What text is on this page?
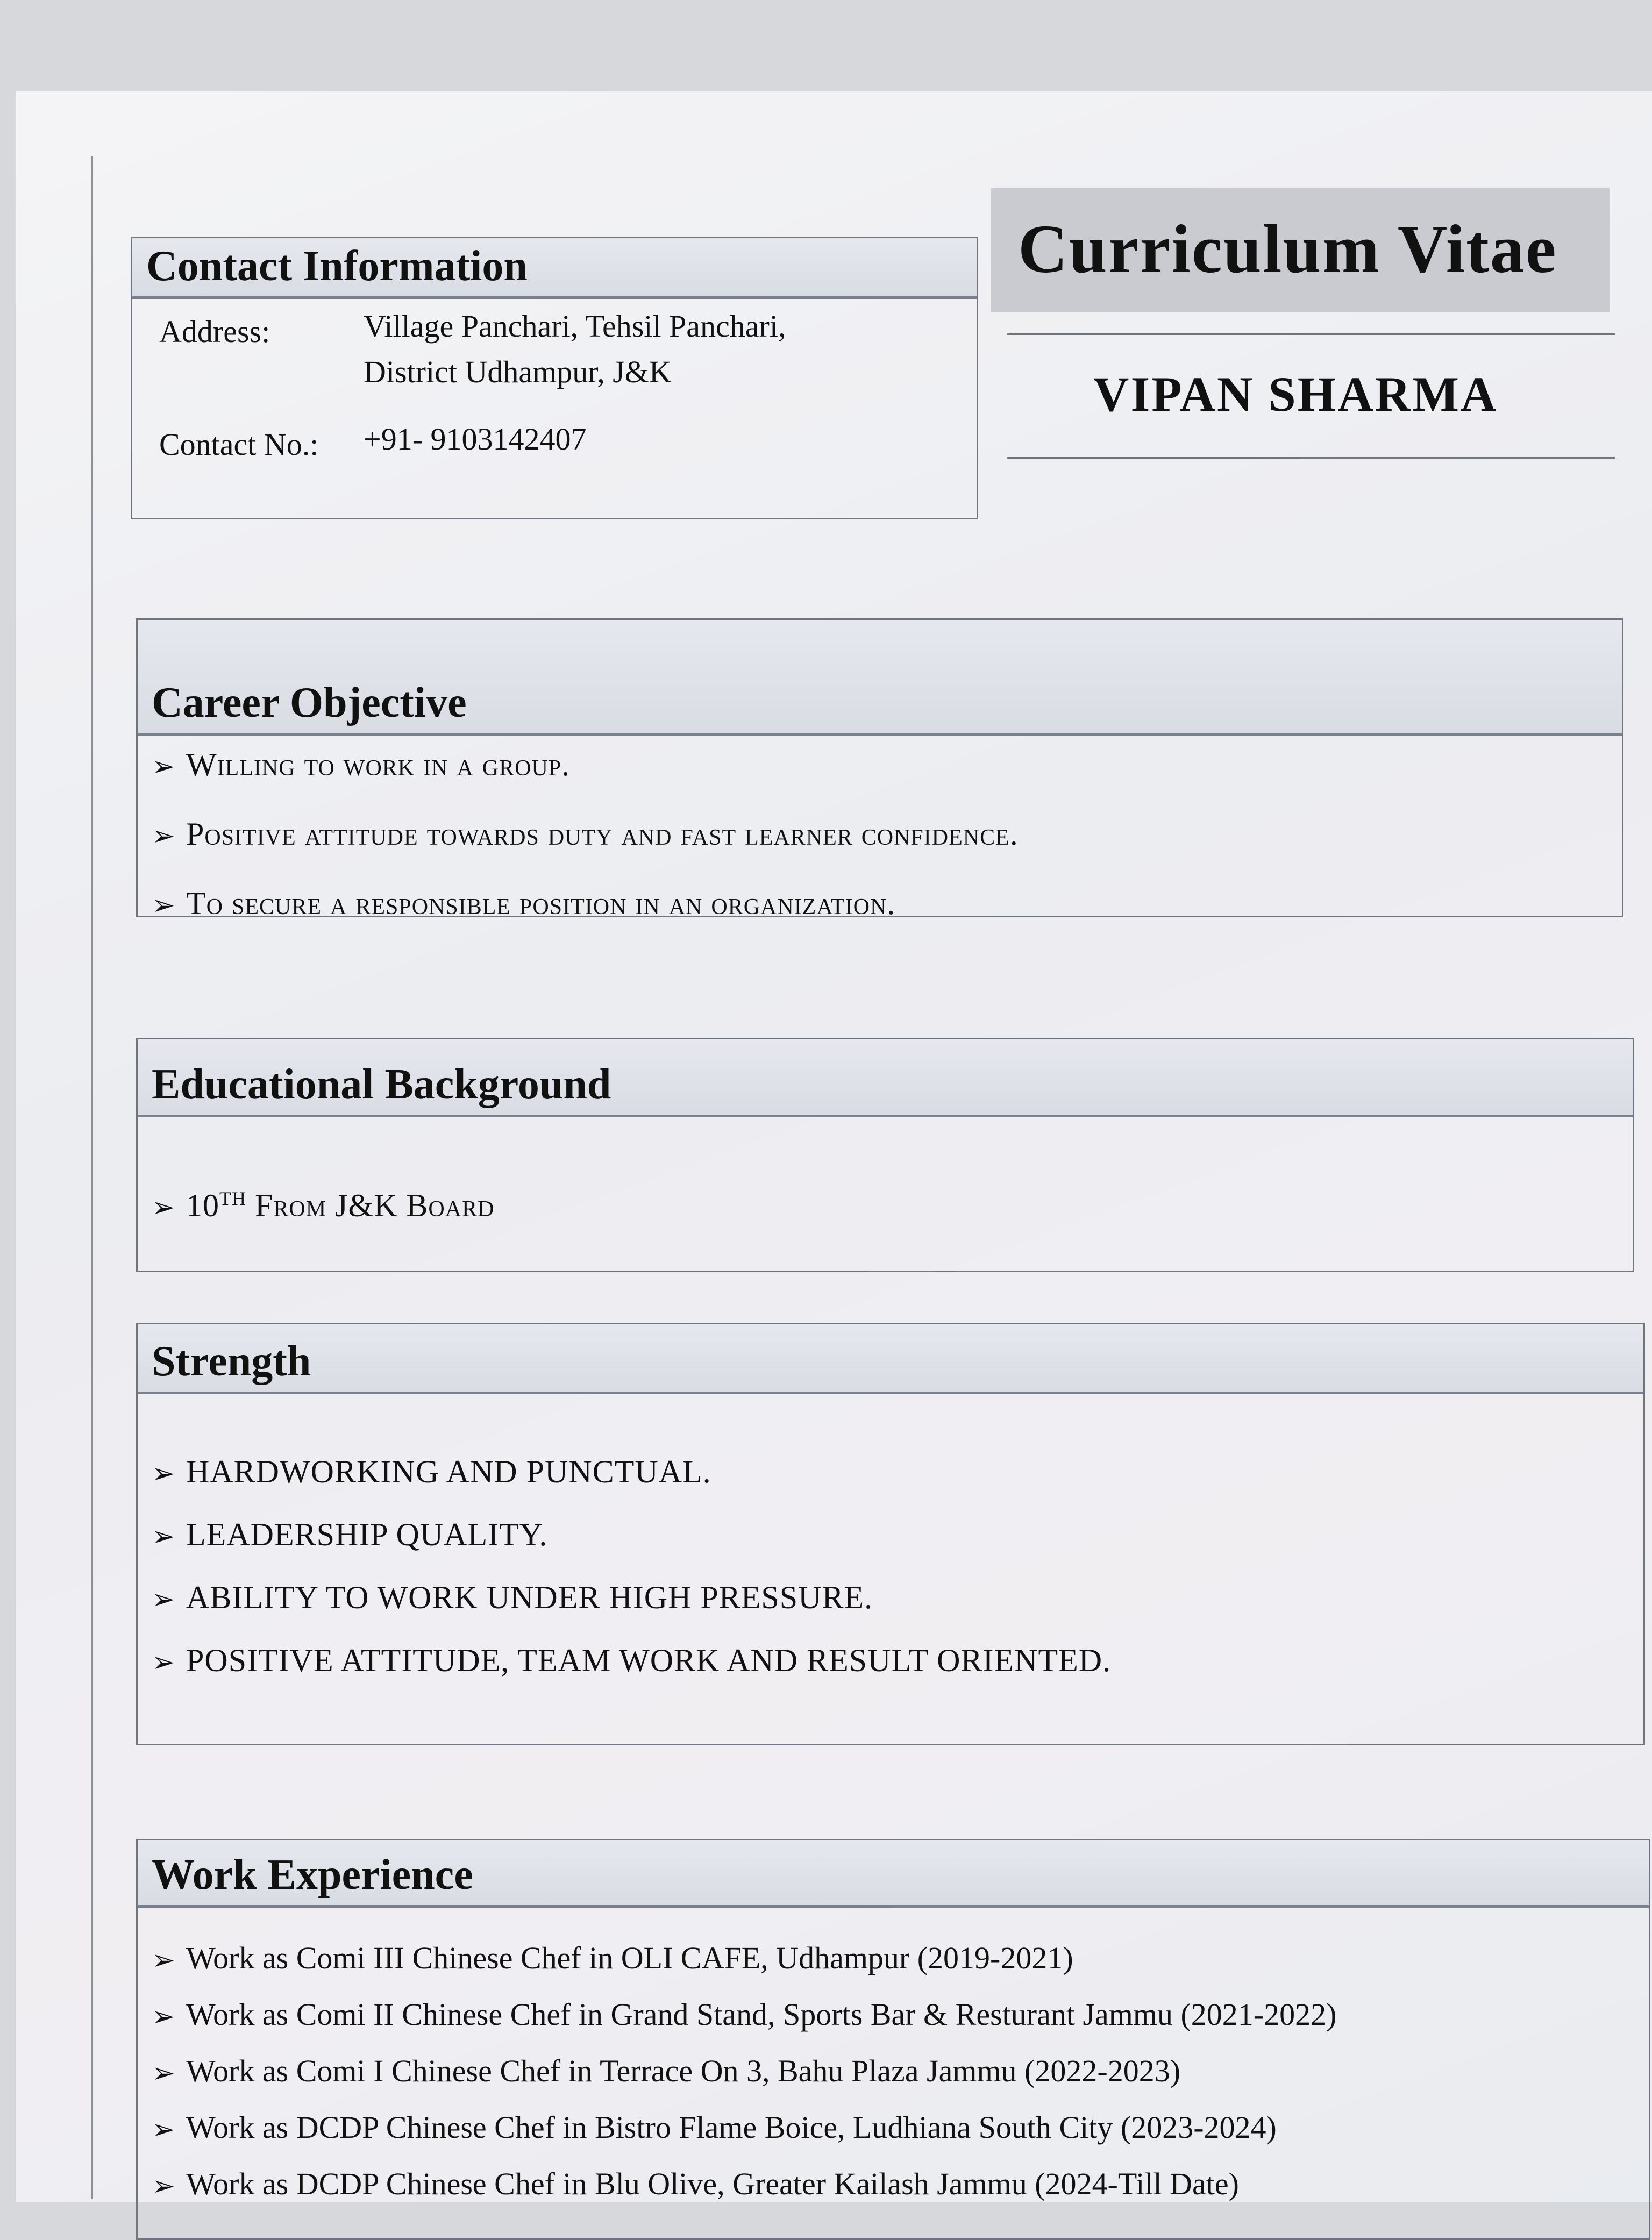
Contact Information
Address:	Village Panchari, Tehsil Panchari,
District Udhampur, J&K
Contact No.: +91- 9103142407
Curriculum Vitae
VIPAN SHARMA
Career Objective
➢ Willing to work in a group.
➢ Positive attitude towards duty and fast learner confidence.
➢ To secure a responsible position in an organization.
Educational Background
➢ 10TH From J&K Board
Strength
➢ HARDWORKING AND PUNCTUAL.
➢ LEADERSHIP QUALITY.
➢ ABILITY TO WORK UNDER HIGH PRESSURE.
➢ POSITIVE ATTITUDE, TEAM WORK AND RESULT ORIENTED.
Work Experience
➢ Work as Comi III Chinese Chef in OLI CAFE, Udhampur (2019-2021)
➢ Work as Comi II Chinese Chef in Grand Stand, Sports Bar & Resturant Jammu (2021-2022)
➢ Work as Comi I Chinese Chef in Terrace On 3, Bahu Plaza Jammu (2022-2023)
➢ Work as DCDP Chinese Chef in Bistro Flame Boice, Ludhiana South City (2023-2024)
➢ Work as DCDP Chinese Chef in Blu Olive, Greater Kailash Jammu (2024-Till Date)
